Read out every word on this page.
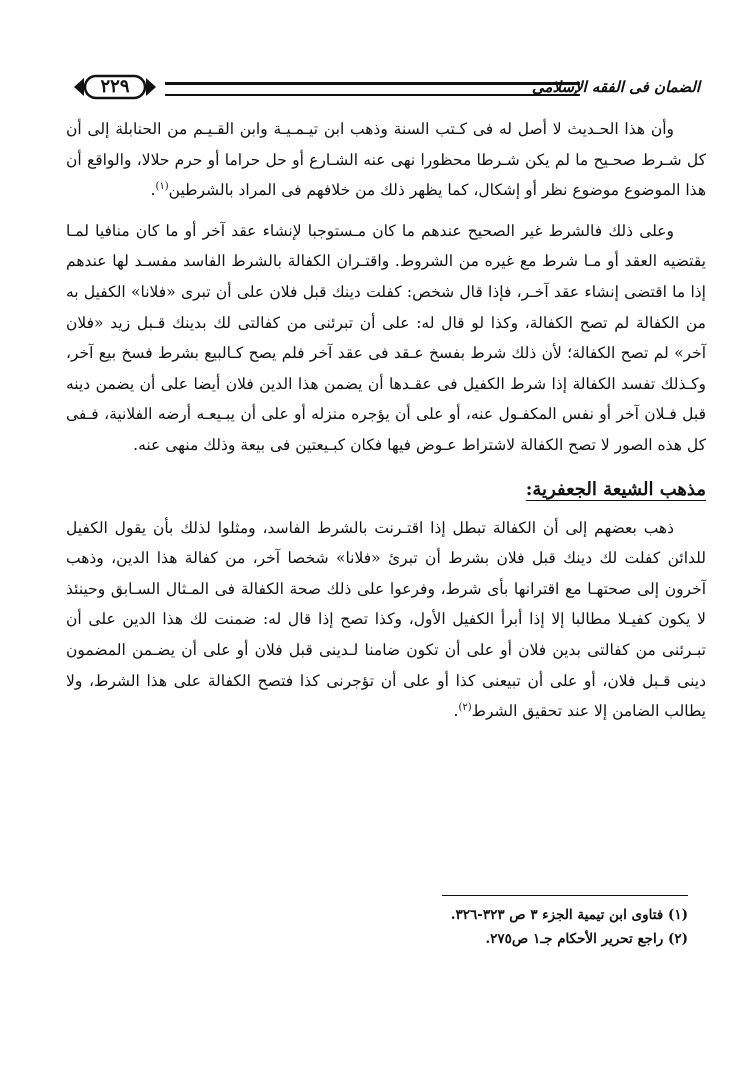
٢٢٩	الضمان فى الفقه الإسلامى

وأن هذا الحـديث لا أصل له فى كـتب السنة وذهب ابن تيـمـيـة وابن القـيـم من الحنابلة إلى أن كل شـرط صحـيح ما لم يكن شـرطا محظورا نهى عنه الشـارع أو حل حراما أو حرم حلالا، والواقع أن هذا الموضوع موضوع نظر أو إشكال، كما يظهر ذلك من خلافهم فى المراد بالشرطين$^{(١)}$.

وعلى ذلك فالشرط غير الصحيح عندهم ما كان مـستوجبا لإنشاء عقد آخر أو ما كان منافيا لمـا يقتضيه العقد أو مـا شرط مع غيره من الشروط. واقتـران الكفالة بالشرط الفاسد مفسـد لها عندهم إذا ما اقتضى إنشاء عقد آخـر، فإذا قال شخص: كفلت دينك قبل فلان على أن تبرى «فلانا» الكفيل به من الكفالة لم تصح الكفالة، وكذا لو قال له: على أن تبرئنى من كفالتى لك بدينك قـبل زيد «فلان آخر» لم تصح الكفالة؛ لأن ذلك شرط بفسخ عـقد فى عقد آخر فلم يصح كـالبيع بشرط فسخ بيع آخر، وكـذلك تفسد الكفالة إذا شرط الكفيل فى عقـدها أن يضمن هذا الدين فلان أيضا على أن يضمن دينه قبل فـلان آخر أو نفس المكفـول عنه، أو على أن يؤجره منزله أو على أن يبـيعـه أرضه الفلانية، فـفى كل هذه الصور لا تصح الكفالة لاشتراط عـوض فيها فكان كبـيعتين فى بيعة وذلك منهى عنه.

مذهب الشيعة الجعفرية:

ذهب بعضهم إلى أن الكفالة تبطل إذا اقتـرنت بالشرط الفاسد، ومثلوا لذلك بأن يقول الكفيل للدائن كفلت لك دينك قبل فلان بشرط أن تبرئ «فلانا» شخصا آخر، من كفالة هذا الدين، وذهب آخرون إلى صحتهـا مع اقترانها بأى شرط، وفرعوا على ذلك صحة الكفالة فى المـثال السـابق وحينئذ لا يكون كفيـلا مطالبا إلا إذا أبرأ الكفيل الأول، وكذا تصح إذا قال له: ضمنت لك هذا الدين على أن تبـرئنى من كفالتى بدين فلان أو على أن تكون ضامنا لـدينى قبل فلان أو على أن يضـمن المضمون دينى قـبل فلان، أو على أن تبيعنى كذا أو على أن تؤجرنى كذا فتصح الكفالة على هذا الشرط، ولا يطالب الضامن إلا عند تحقيق الشرط$^{(٢)}$.

(١) فتاوى ابن تيمية الجزء ٣ ص ٣٢٣-٣٢٦.

(٢) راجع تحرير الأحكام جـ١ ص٢٧٥.
